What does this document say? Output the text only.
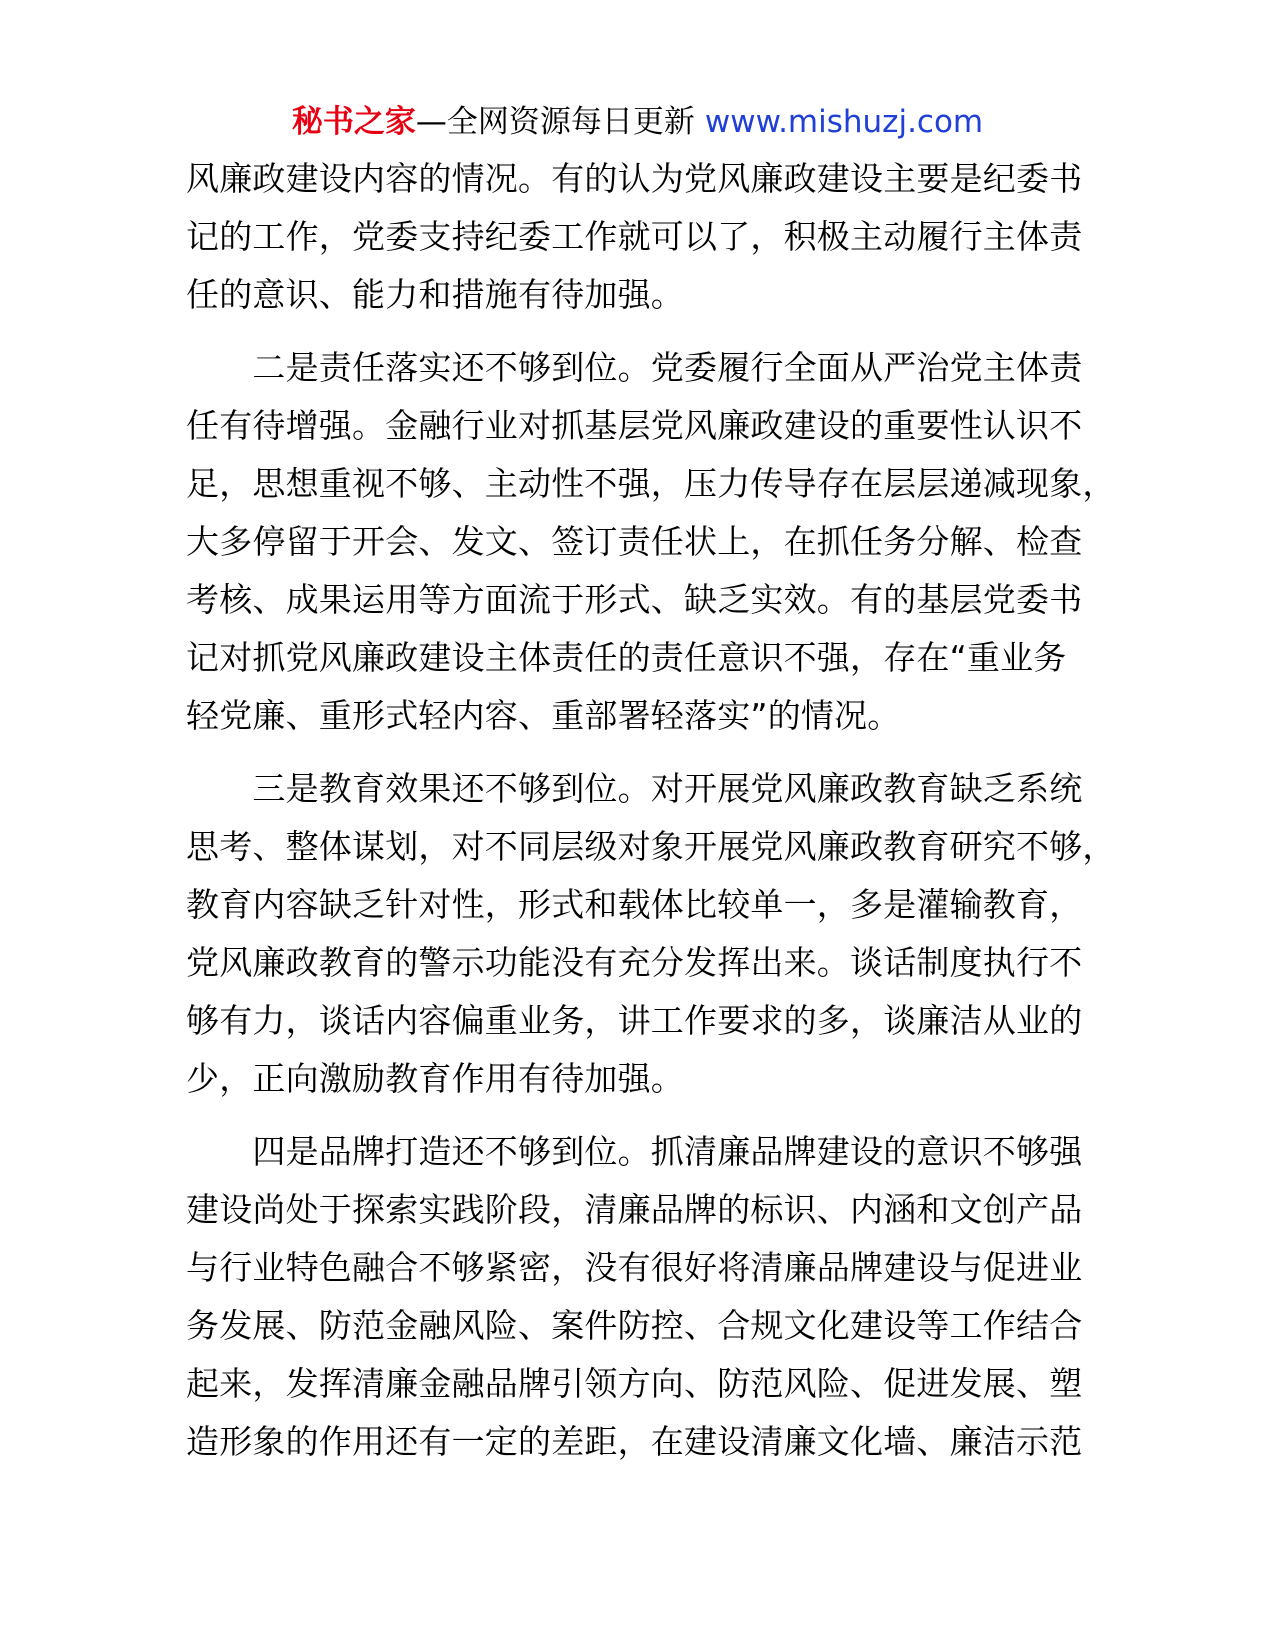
秘书之家—全网资源每日更新 www.mishuzj.com

风廉政建设内容的情况。有的认为党风廉政建设主要是纪委书
记的工作，党委支持纪委工作就可以了，积极主动履行主体责
任的意识、能力和措施有待加强。

　　二是责任落实还不够到位。党委履行全面从严治党主体责
任有待增强。金融行业对抓基层党风廉政建设的重要性认识不
足，思想重视不够、主动性不强，压力传导存在层层递减现象，
大多停留于开会、发文、签订责任状上，在抓任务分解、检查
考核、成果运用等方面流于形式、缺乏实效。有的基层党委书
记对抓党风廉政建设主体责任的责任意识不强，存在“重业务
轻党廉、重形式轻内容、重部署轻落实”的情况。

　　三是教育效果还不够到位。对开展党风廉政教育缺乏系统
思考、整体谋划，对不同层级对象开展党风廉政教育研究不够，
教育内容缺乏针对性，形式和载体比较单一，多是灌输教育，
党风廉政教育的警示功能没有充分发挥出来。谈话制度执行不
够有力，谈话内容偏重业务，讲工作要求的多，谈廉洁从业的
少，正向激励教育作用有待加强。

　　四是品牌打造还不够到位。抓清廉品牌建设的意识不够强
建设尚处于探索实践阶段，清廉品牌的标识、内涵和文创产品
与行业特色融合不够紧密，没有很好将清廉品牌建设与促进业
务发展、防范金融风险、案件防控、合规文化建设等工作结合
起来，发挥清廉金融品牌引领方向、防范风险、促进发展、塑
造形象的作用还有一定的差距，在建设清廉文化墙、廉洁示范
